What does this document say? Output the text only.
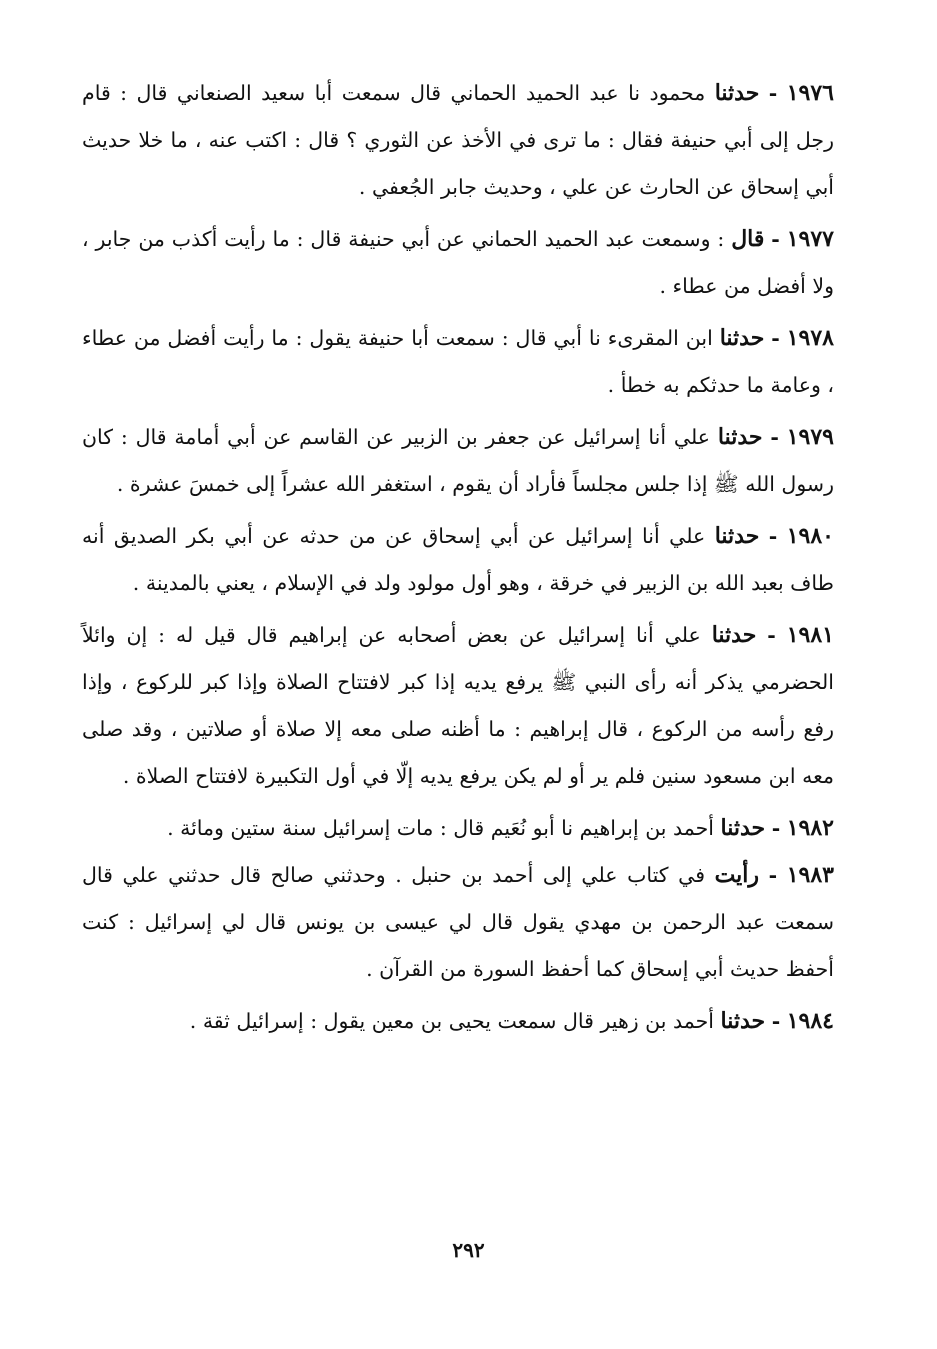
١٩٧٦ - حدثنا محمود نا عبد الحميد الحماني قال سمعت أبا سعيد الصنعاني قال : قام رجل إلى أبي حنيفة فقال : ما ترى في الأخذ عن الثوري ؟ قال : اكتب عنه ، ما خلا حديث أبي إسحاق عن الحارث عن علي ، وحديث جابر الجُعفي .

١٩٧٧ - قال : وسمعت عبد الحميد الحماني عن أبي حنيفة قال : ما رأيت أكذب من جابر ، ولا أفضل من عطاء .

١٩٧٨ - حدثنا ابن المقرىء نا أبي قال : سمعت أبا حنيفة يقول : ما رأيت أفضل من عطاء ، وعامة ما حدثكم به خطأ .

١٩٧٩ - حدثنا علي أنا إسرائيل عن جعفر بن الزبير عن القاسم عن أبي أمامة قال : كان رسول الله ﷺ إذا جلس مجلساً فأراد أن يقوم ، استغفر الله عشراً إلى خمسَ عشرة .

١٩٨٠ - حدثنا علي أنا إسرائيل عن أبي إسحاق عن من حدثه عن أبي بكر الصديق أنه طاف بعبد الله بن الزبير في خرقة ، وهو أول مولود ولد في الإسلام ، يعني بالمدينة .

١٩٨١ - حدثنا علي أنا إسرائيل عن بعض أصحابه عن إبراهيم قال قيل له : إن وائلاً الحضرمي يذكر أنه رأى النبي ﷺ يرفع يديه إذا كبر لافتتاح الصلاة وإذا كبر للركوع ، وإذا رفع رأسه من الركوع ، قال إبراهيم : ما أظنه صلى معه إلا صلاة أو صلاتين ، وقد صلى معه ابن مسعود سنين فلم ير أو لم يكن يرفع يديه إلّا في أول التكبيرة لافتتاح الصلاة .

١٩٨٢ - حدثنا أحمد بن إبراهيم نا أبو نُعَيم قال : مات إسرائيل سنة ستين ومائة .

١٩٨٣ - رأيت في كتاب علي إلى أحمد بن حنبل . وحدثني صالح قال حدثني علي قال سمعت عبد الرحمن بن مهدي يقول قال لي عيسى بن يونس قال لي إسرائيل : كنت أحفظ حديث أبي إسحاق كما أحفظ السورة من القرآن .

١٩٨٤ - حدثنا أحمد بن زهير قال سمعت يحيى بن معين يقول : إسرائيل ثقة .

٢٩٢
